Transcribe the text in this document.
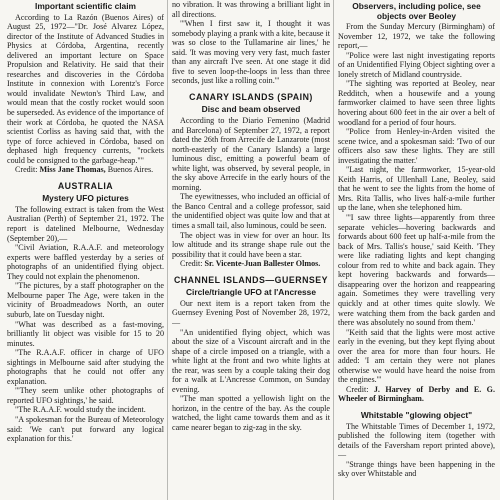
Important scientific claim

According to La Razón (Buenos Aires) of August 25, 1972—"Dr. José Alvarez López, director of the Institute of Advanced Studies in Physics at Córdoba, Argentina, recently delivered an important lecture on Space Propulsion and Relativity. He said that their researches and discoveries in the Córdoba Institute in connexion with Lorentz's Force would invalidate Newton's Third Law, and would mean that the costly rocket would soon be superseded. As evidence of the importance of their work at Córdoba, he quoted the NASA scientist Corliss as having said that, with the type of force achieved in Córdoba, based on dephased high frequency currents, "rockets could be consigned to the garbage-heap.""

Credit: Miss Jane Thomas, Buenos Aires.

AUSTRALIA
Mystery UFO pictures

The following extract is taken from the West Australian (Perth) of September 21, 1972. The report is datelined Melbourne, Wednesday (September 20),—

"Civil Aviation, R.A.A.F. and meteorology experts were baffled yesterday by a series of photographs of an unidentified flying object. They could not explain the phenomenon.

"The pictures, by a staff photographer on the Melbourne paper The Age, were taken in the vicinity of Broadmeadows North, an outer suburb, late on Tuesday night.

"What was described as a fast-moving, brilliantly lit object was visible for 15 to 20 minutes.

"The R.A.A.F. officer in charge of UFO sightings in Melbourne said after studying the photographs that he could not offer any explanation.

"'They seem unlike other photographs of reported UFO sightings,' he said.

"The R.A.A.F. would study the incident.

"A spokesman for the Bureau of Meteorology said: 'We can't put forward any logical explanation for this.'

no vibration. It was throwing a brilliant light in all directions.

"'When I first saw it, I thought it was somebody playing a prank with a kite, because it was so close to the Tullamarine air lines,' he said. 'It was moving very very fast, much faster than any aircraft I've seen. At one stage it did five to seven loop-the-loops in less than three seconds, just like a rolling coin.'"

CANARY ISLANDS (SPAIN)
Disc and beam observed

According to the Diario Femenino (Madrid and Barcelona) of September 27, 1972, a report dated the 26th from Arrecife de Lanzarote (most north-easterly of the Canary Islands) a large luminous disc, emitting a powerful beam of white light, was observed, by several people, in the sky above Arrecife in the early hours of the morning.

The eyewitnesses, who included an official of the Banco Central and a college professor, said the unidentified object was quite low and that at times a small tail, also luminous, could be seen.

The object was in view for over an hour. Its low altitude and its strange shape rule out the possibility that it could have been a star.

Credit: Sr. Vicente-Juan Ballester Olmos.

CHANNEL ISLANDS—GUERNSEY
Circle/triangle UFO at l'Ancresse

Our next item is a report taken from the Guernsey Evening Post of November 28, 1972,—

"An unidentified flying object, which was about the size of a Viscount aircraft and in the shape of a circle imposed on a triangle, with a white light at the front and two white lights at the rear, was seen by a couple taking their dog for a walk at L'Ancresse Common, on Sunday evening.

"The man spotted a yellowish light on the horizon, in the centre of the bay. As the couple watched, the light came towards them and as it came nearer began to zig-zag in the sky.

Observers, including police, see objects over Beoley

From the Sunday Mercury (Birmingham) of November 12, 1972, we take the following report,—

"Police were last night investigating reports of an Unidentified Flying Object sighting over a lonely stretch of Midland countryside.

"The sighting was reported at Beoley, near Redditch, when a housewife and a young farmworker claimed to have seen three lights hovering about 600 feet in the air over a belt of woodland for a period of four hours.

"Police from Henley-in-Arden visited the scene twice, and a spokesman said: 'Two of our officers also saw these lights. They are still investigating the matter.'

"Last night, the farmworker, 15-year-old Keith Harris, of Ullenhall Lane, Beoley, said that he went to see the lights from the home of Mrs. Rita Tallis, who lives half-a-mile further up the lane, when she telephoned him.

"'I saw three lights—apparently from three separate vehicles—hovering backwards and forwards about 600 feet up half-a-mile from the back of Mrs. Tallis's house,' said Keith. 'They were like radiating lights and kept changing colour from red to white and back again. They kept hovering backwards and forwards—disappearing over the horizon and reappearing again. Sometimes they were travelling very quickly and at other times quite slowly. We were watching them from the back garden and there was absolutely no sound from them.'

"Keith said that the lights were most active early in the evening, but they kept flying about over the area for more than four hours. He added: 'I am certain they were not planes otherwise we would have heard the noise from the engines.'"

Credit: J. Harvey of Derby and E. G. Wheeler of Birmingham.

Whitstable "glowing object"

The Whitstable Times of December 1, 1972, published the following item (together with details of the Faversham report printed above),—

"Strange things have been happening in the sky over Whitstable and
